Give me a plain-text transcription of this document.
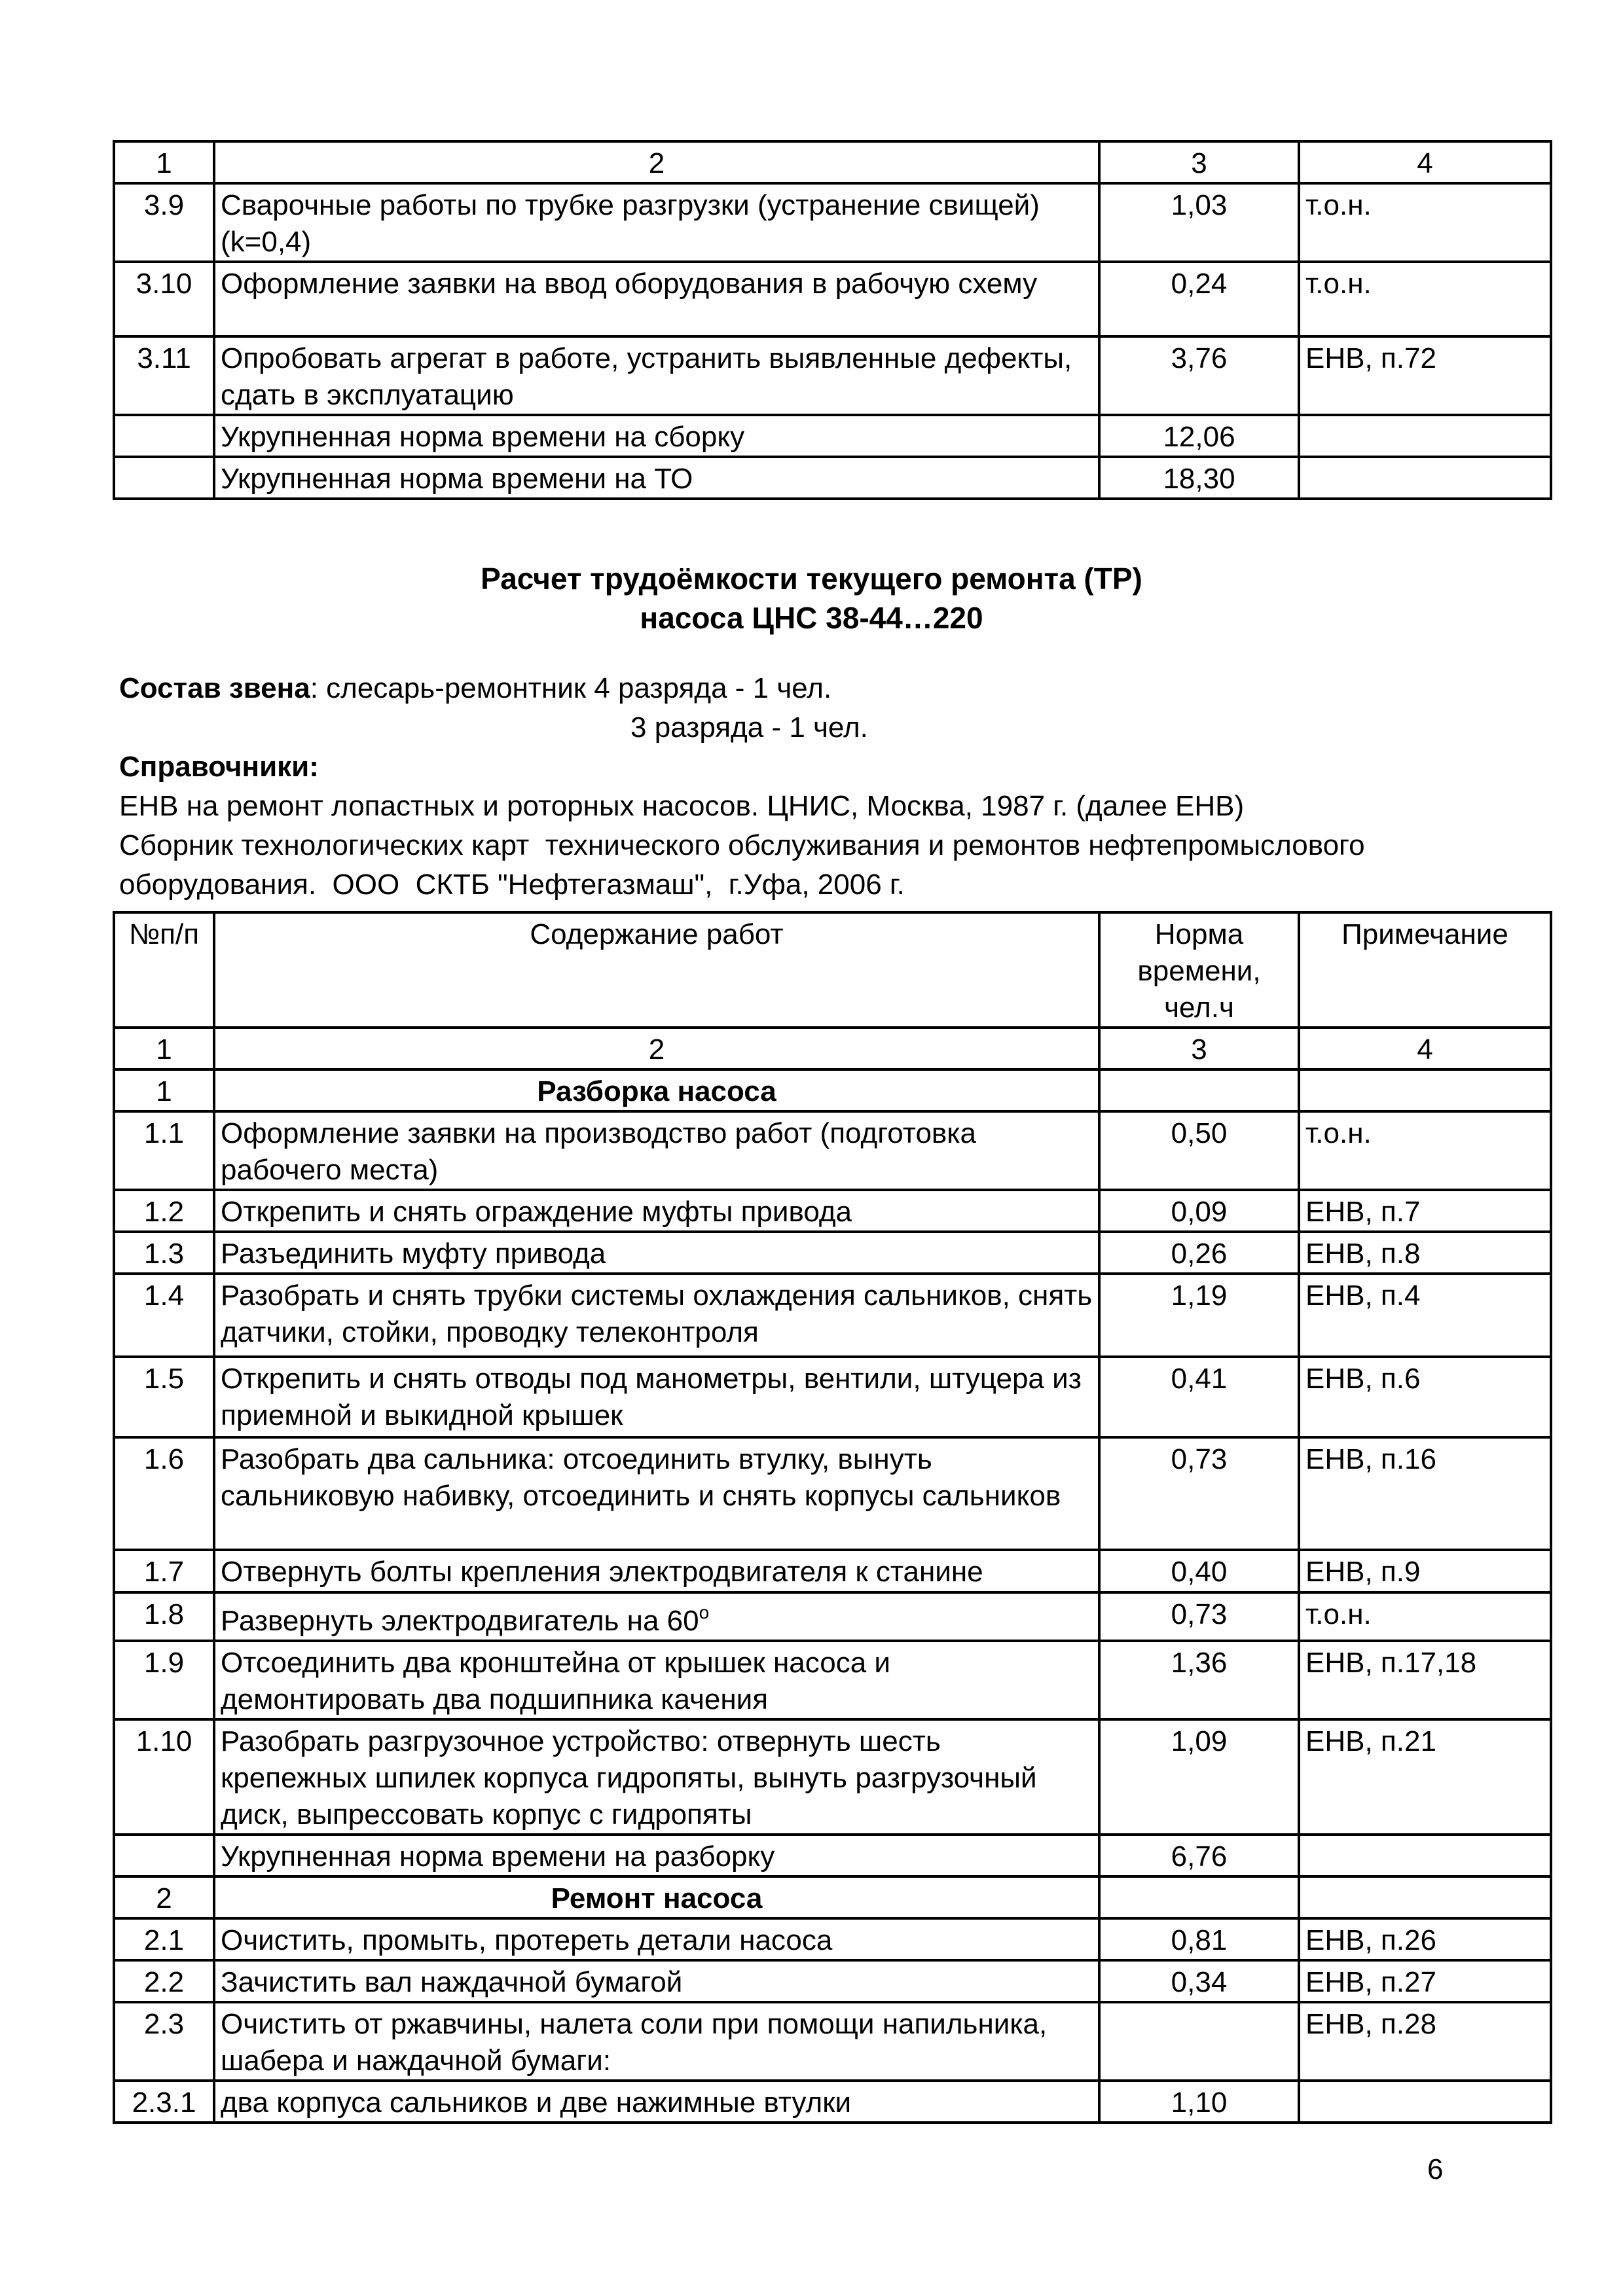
1	2	3	4
3.9	Сварочные работы по трубке разгрузки (устранение свищей) (k=0,4)	1,03	т.о.н.
3.10	Оформление заявки на ввод оборудования в рабочую схему	0,24	т.о.н.
3.11	Опробовать агрегат в работе, устранить выявленные дефекты, сдать в эксплуатацию	3,76	ЕНВ, п.72
	Укрупненная норма времени на сборку	12,06	
	Укрупненная норма времени на ТО	18,30	
Расчет трудоёмкости текущего ремонта (ТР)
насоса ЦНС 38-44…220
Состав звена: слесарь-ремонтник 4 разряда - 1 чел.
3 разряда - 1 чел.
Справочники:
ЕНВ на ремонт лопастных и роторных насосов. ЦНИС, Москва, 1987 г. (далее ЕНВ)
Сборник технологических карт  технического обслуживания и ремонтов нефтепромыслового
оборудования.  ООО  СКТБ "Нефтегазмаш",  г.Уфа, 2006 г.
№п/п	Содержание работ	Норма времени, чел.ч	Примечание
1	2	3	4
1	Разборка насоса		
1.1	Оформление заявки на производство работ (подготовка рабочего места)	0,50	т.о.н.
1.2	Открепить и снять ограждение муфты привода	0,09	ЕНВ, п.7
1.3	Разъединить муфту привода	0,26	ЕНВ, п.8
1.4	Разобрать и снять трубки системы охлаждения сальников, снять датчики, стойки, проводку телеконтроля	1,19	ЕНВ, п.4
1.5	Открепить и снять отводы под манометры, вентили, штуцера из приемной и выкидной крышек	0,41	ЕНВ, п.6
1.6	Разобрать два сальника: отсоединить втулку, вынуть сальниковую набивку, отсоединить и снять корпусы сальников	0,73	ЕНВ, п.16
1.7	Отвернуть болты крепления электродвигателя к станине	0,40	ЕНВ, п.9
1.8	Развернуть электродвигатель на 60$^o$	0,73	т.о.н.
1.9	Отсоединить два кронштейна от крышек насоса и демонтировать два подшипника качения	1,36	ЕНВ, п.17,18
1.10	Разобрать разгрузочное устройство: отвернуть шесть крепежных шпилек корпуса гидропяты, вынуть разгрузочный диск, выпрессовать корпус с гидропяты	1,09	ЕНВ, п.21
	Укрупненная норма времени на разборку	6,76	
2	Ремонт насоса		
2.1	Очистить, промыть, протереть детали насоса	0,81	ЕНВ, п.26
2.2	Зачистить вал наждачной бумагой	0,34	ЕНВ, п.27
2.3	Очистить от ржавчины, налета соли при помощи напильника, шабера и наждачной бумаги:		ЕНВ, п.28
2.3.1	два корпуса сальников и две нажимные втулки	1,10	
6
